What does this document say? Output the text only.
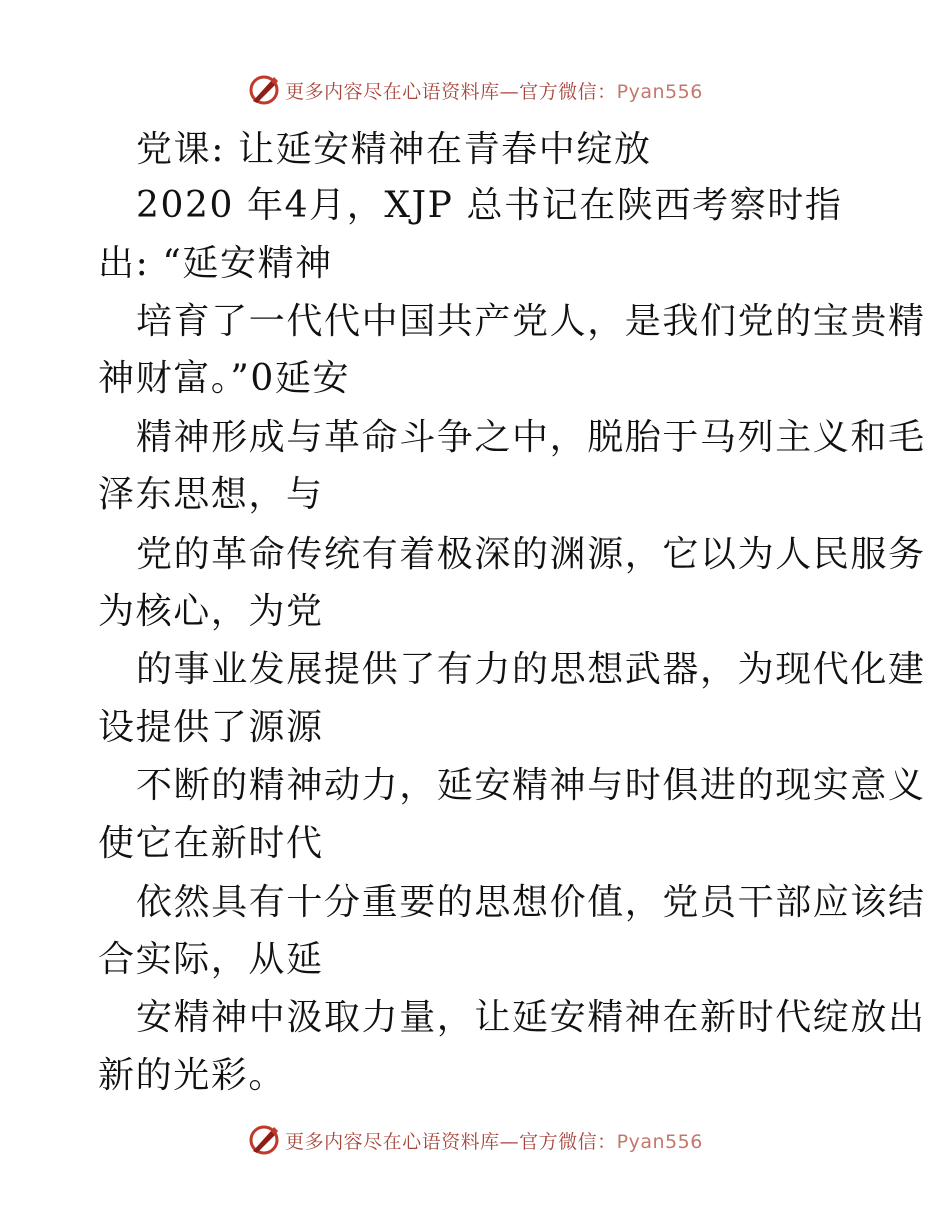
更多内容尽在心语资料库—官方微信：Pyan556
党课: 让延安精神在青春中绽放
2020 年4月，XJP 总书记在陕西考察时指
出: “延安精神
培育了一代代中国共产党人，是我们党的宝贵精
神财富。”0延安
精神形成与革命斗争之中，脱胎于马列主义和毛
泽东思想，与
党的革命传统有着极深的渊源，它以为人民服务
为核心，为党
的事业发展提供了有力的思想武器，为现代化建
设提供了源源
不断的精神动力，延安精神与时俱进的现实意义
使它在新时代
依然具有十分重要的思想价值，党员干部应该结
合实际，从延
安精神中汲取力量，让延安精神在新时代绽放出
新的光彩。
更多内容尽在心语资料库—官方微信：Pyan556
